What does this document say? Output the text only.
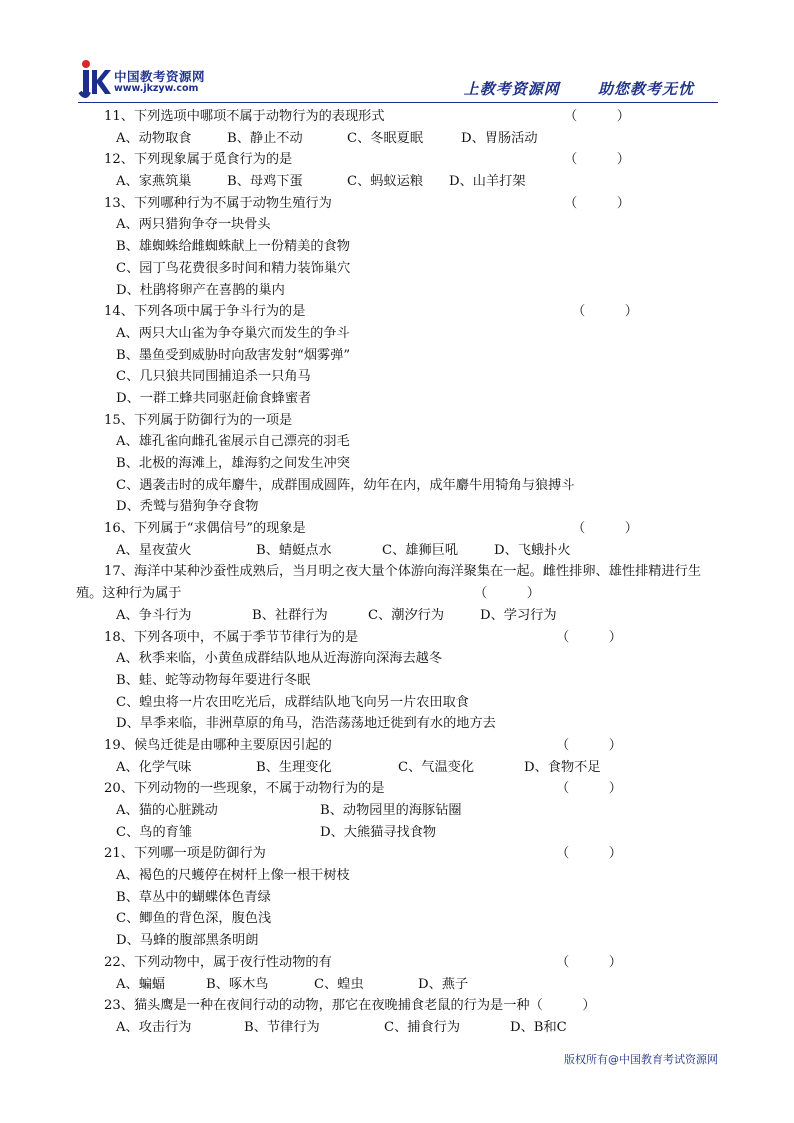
中国教考资源网
www.jkzyw.com	上教考资源网　 助您教考无忧
11、下列选项中哪项不属于动物行为的表现形式	（　　　）
A、动物取食	B、静止不动	C、冬眠夏眠	D、胃肠活动
12、下列现象属于觅食行为的是	（　　　）
A、家燕筑巢	B、母鸡下蛋	C、蚂蚁运粮 D、山羊打架
13、下列哪种行为不属于动物生殖行为	（　　　）
A、两只猎狗争夺一块骨头
B、雄蜘蛛给雌蜘蛛献上一份精美的食物
C、园丁鸟花费很多时间和精力装饰巢穴
D、杜鹃将卵产在喜鹊的巢内
14、下列各项中属于争斗行为的是	（　　　）
A、两只大山雀为争夺巢穴而发生的争斗
B、墨鱼受到威胁时向敌害发射“烟雾弹”
C、几只狼共同围捕追杀一只角马
D、一群工蜂共同驱赶偷食蜂蜜者
15、下列属于防御行为的一项是
A、雄孔雀向雌孔雀展示自己漂亮的羽毛
B、北极的海滩上，雄海豹之间发生冲突
C、遇袭击时的成年麝牛，成群围成圆阵，幼年在内，成年麝牛用犄角与狼搏斗
D、秃鹫与猎狗争夺食物
16、下列属于“求偶信号”的现象是	（　　　）
A、星夜萤火	B、蜻蜓点水	C、雄狮巨吼	D、飞蛾扑火
17、海洋中某种沙蚕性成熟后，当月明之夜大量个体游向海洋聚集在一起。雌性排卵、雄性排精进行生殖。这种行为属于	（　　　）
A、争斗行为	B、社群行为	C、潮汐行为	D、学习行为
18、下列各项中，不属于季节节律行为的是	（　　　）
A、秋季来临，小黄鱼成群结队地从近海游向深海去越冬
B、蛙、蛇等动物每年要进行冬眠
C、蝗虫将一片农田吃光后，成群结队地飞向另一片农田取食
D、旱季来临，非洲草原的角马，浩浩荡荡地迁徙到有水的地方去
19、候鸟迁徙是由哪种主要原因引起的	（　　　）
A、化学气味	B、生理变化	C、气温变化	D、食物不足
20、下列动物的一些现象，不属于动物行为的是	（　　　）
A、猫的心脏跳动	B、动物园里的海豚钻圈
C、鸟的育雏	D、大熊猫寻找食物
21、下列哪一项是防御行为	（　　　）
A、褐色的尺蠖停在树杆上像一根干树枝
B、草丛中的蝴蝶体色青绿
C、鲫鱼的背色深，腹色浅
D、马蜂的腹部黑条明朗
22、下列动物中，属于夜行性动物的有	（　　　）
A、蝙蝠	B、啄木鸟	C、蝗虫	D、燕子
23、猫头鹰是一种在夜间行动的动物，那它在夜晚捕食老鼠的行为是一种（　　　）
A、攻击行为	B、节律行为	C、捕食行为	D、B和C
版权所有@中国教育考试资源网
